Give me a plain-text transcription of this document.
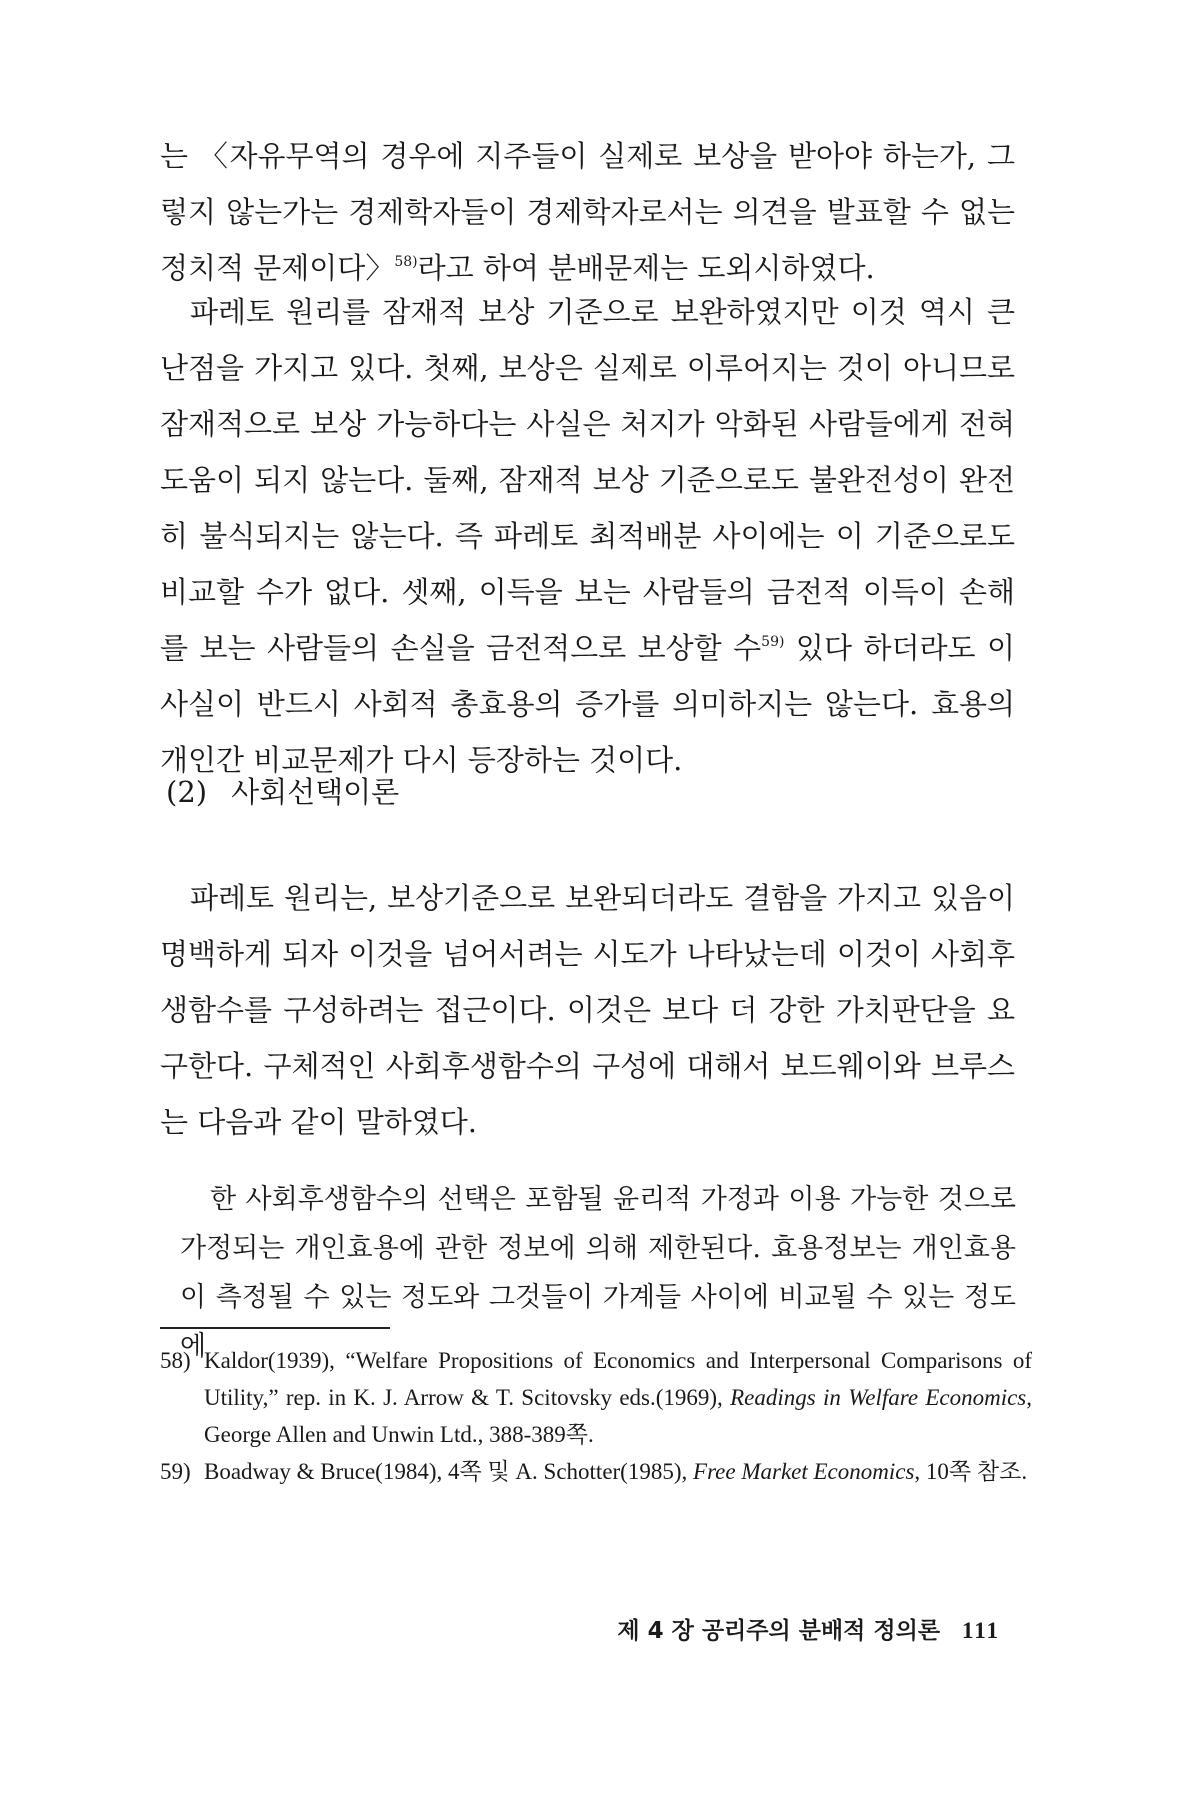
는 〈자유무역의 경우에 지주들이 실제로 보상을 받아야 하는가, 그렇지 않는가는 경제학자들이 경제학자로서는 의견을 발표할 수 없는 정치적 문제이다〉$^{58)}$라고 하여 분배문제는 도외시하였다.

파레토 원리를 잠재적 보상 기준으로 보완하였지만 이것 역시 큰 난점을 가지고 있다. 첫째, 보상은 실제로 이루어지는 것이 아니므로 잠재적으로 보상 가능하다는 사실은 처지가 악화된 사람들에게 전혀 도움이 되지 않는다. 둘째, 잠재적 보상 기준으로도 불완전성이 완전히 불식되지는 않는다. 즉 파레토 최적배분 사이에는 이 기준으로도 비교할 수가 없다. 셋째, 이득을 보는 사람들의 금전적 이득이 손해를 보는 사람들의 손실을 금전적으로 보상할 수$^{59)}$ 있다 하더라도 이 사실이 반드시 사회적 총효용의 증가를 의미하지는 않는다. 효용의 개인간 비교문제가 다시 등장하는 것이다.

(2) 사회선택이론

파레토 원리는, 보상기준으로 보완되더라도 결함을 가지고 있음이 명백하게 되자 이것을 넘어서려는 시도가 나타났는데 이것이 사회후생함수를 구성하려는 접근이다. 이것은 보다 더 강한 가치판단을 요구한다. 구체적인 사회후생함수의 구성에 대해서 보드웨이와 브루스는 다음과 같이 말하였다.

한 사회후생함수의 선택은 포함될 윤리적 가정과 이용 가능한 것으로 가정되는 개인효용에 관한 정보에 의해 제한된다. 효용정보는 개인효용이 측정될 수 있는 정도와 그것들이 가계들 사이에 비교될 수 있는 정도에

58) Kaldor(1939), “Welfare Propositions of Economics and Interpersonal Comparisons of Utility,” rep. in K. J. Arrow & T. Scitovsky eds.(1969), Readings in Welfare Economics, George Allen and Unwin Ltd., 388-389쪽.

59) Boadway & Bruce(1984), 4쪽 및 A. Schotter(1985), Free Market Economics, 10쪽 참조.

제 4 장 공리주의 분배적 정의론 111
